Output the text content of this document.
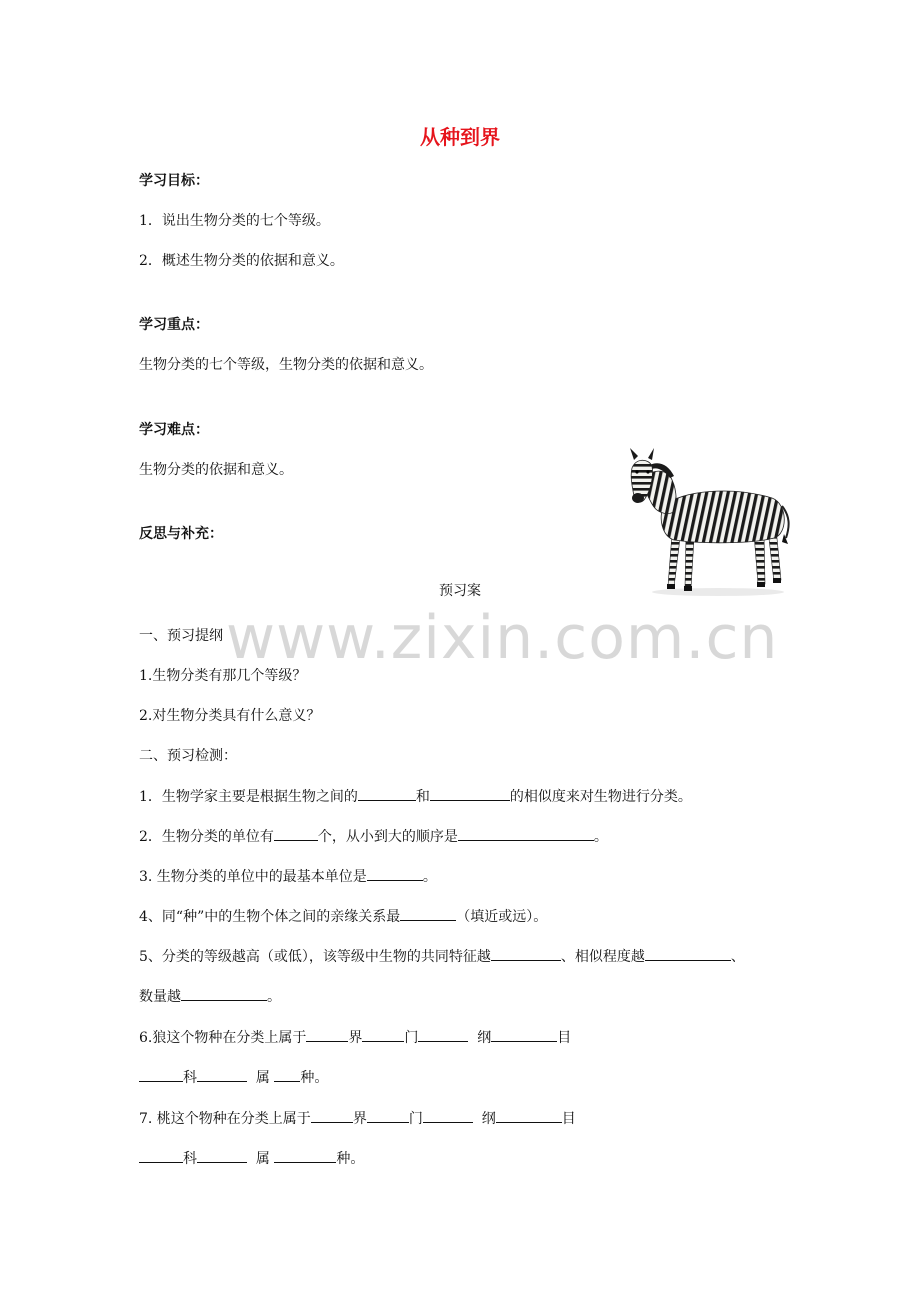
从种到界
学习目标：
1．说出生物分类的七个等级。
2．概述生物分类的依据和意义。
学习重点：
生物分类的七个等级，生物分类的依据和意义。
学习难点：
生物分类的依据和意义。
反思与补充：
www.zixin.com.cn
预习案
一、预习提纲
1.生物分类有那几个等级？
2.对生物分类具有什么意义？
二、预习检测：
1．生物学家主要是根据生物之间的	和	的相似度来对生物进行分类。
2．生物分类的单位有	个，从小到大的顺序是	。
3. 生物分类的单位中的最基本单位是	。
4、同“种”中的生物个体之间的亲缘关系最	（填近或远）。
5、分类的等级越高（或低），该等级中生物的共同特征越	、相似程度越	、
数量越	。
6.狼这个物种在分类上属于	界	门	纲	目
科	属 种。
7. 桃这个物种在分类上属于	界	门	纲	目
科	属	种。
